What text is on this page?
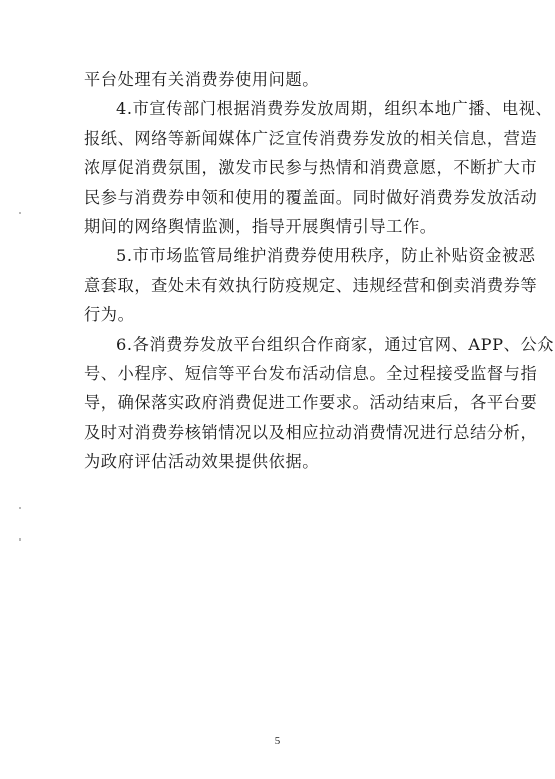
平台处理有关消费券使用问题。
4.市宣传部门根据消费券发放周期，组织本地广播、电视、
报纸、网络等新闻媒体广泛宣传消费券发放的相关信息，营造
浓厚促消费氛围，激发市民参与热情和消费意愿，不断扩大市
民参与消费券申领和使用的覆盖面。同时做好消费券发放活动
期间的网络舆情监测，指导开展舆情引导工作。
5.市市场监管局维护消费券使用秩序，防止补贴资金被恶
意套取，查处未有效执行防疫规定、违规经营和倒卖消费券等
行为。
6.各消费券发放平台组织合作商家，通过官网、APP、公众
号、小程序、短信等平台发布活动信息。全过程接受监督与指
导，确保落实政府消费促进工作要求。活动结束后，各平台要
及时对消费券核销情况以及相应拉动消费情况进行总结分析，
为政府评估活动效果提供依据。
5
